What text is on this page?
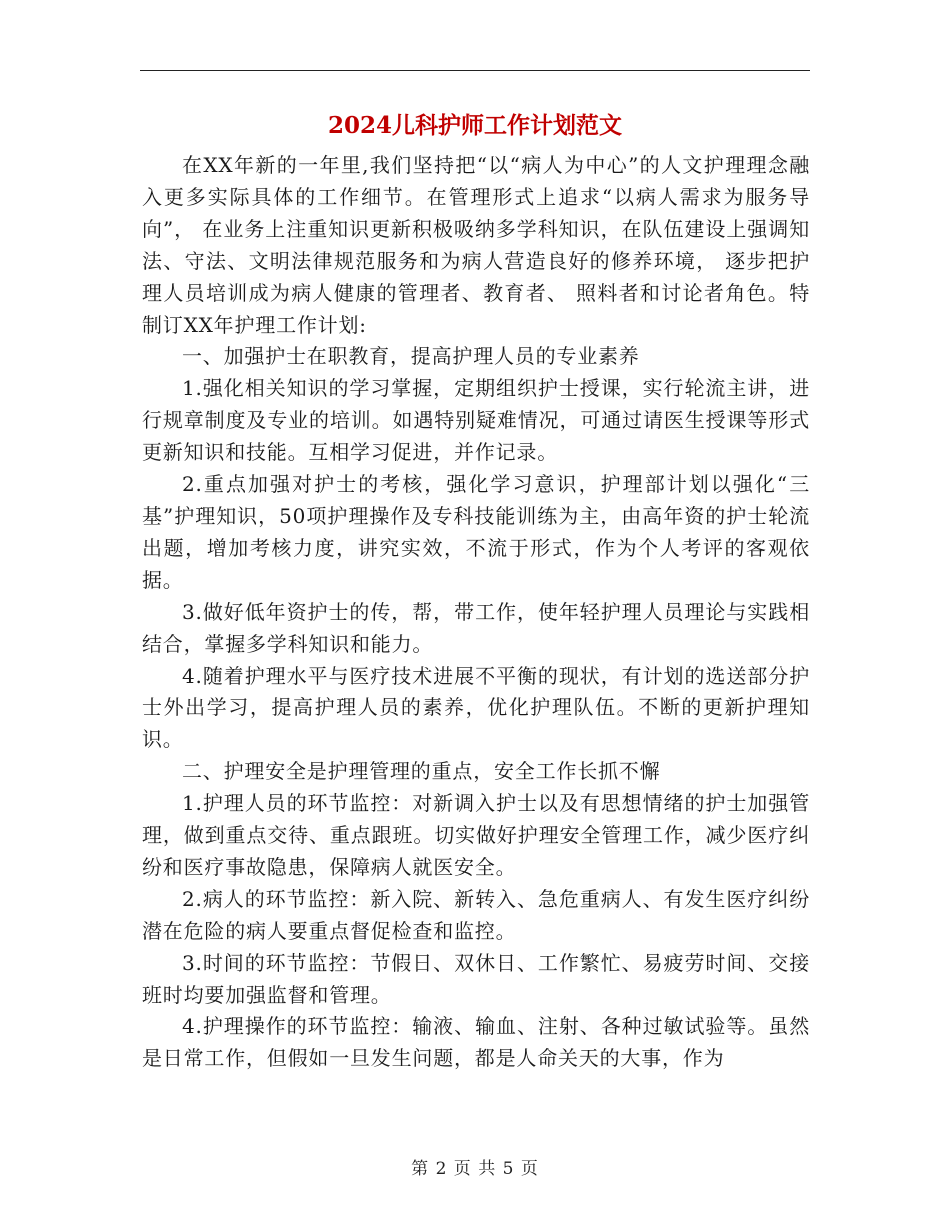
2024儿科护师工作计划范文

在XX年新的一年里,我们坚持把“以“病人为中心”的人文护理理念融入更多实际具体的工作细节。在管理形式上追求“以病人需求为服务导向”， 在业务上注重知识更新积极吸纳多学科知识，在队伍建设上强调知法、守法、文明法律规范服务和为病人营造良好的修养环境， 逐步把护理人员培训成为病人健康的管理者、教育者、 照料者和讨论者角色。特制订XX年护理工作计划:

一、加强护士在职教育，提高护理人员的专业素养

1.强化相关知识的学习掌握，定期组织护士授课，实行轮流主讲，进行规章制度及专业的培训。如遇特别疑难情况，可通过请医生授课等形式更新知识和技能。互相学习促进，并作记录。

2.重点加强对护士的考核，强化学习意识，护理部计划以强化“三基”护理知识，50项护理操作及专科技能训练为主，由高年资的护士轮流出题，增加考核力度，讲究实效，不流于形式，作为个人考评的客观依据。

3.做好低年资护士的传，帮，带工作，使年轻护理人员理论与实践相结合，掌握多学科知识和能力。

4.随着护理水平与医疗技术进展不平衡的现状，有计划的选送部分护士外出学习，提高护理人员的素养，优化护理队伍。不断的更新护理知识。

二、护理安全是护理管理的重点，安全工作长抓不懈

1.护理人员的环节监控：对新调入护士以及有思想情绪的护士加强管理，做到重点交待、重点跟班。切实做好护理安全管理工作，减少医疗纠纷和医疗事故隐患，保障病人就医安全。

2.病人的环节监控：新入院、新转入、急危重病人、有发生医疗纠纷潜在危险的病人要重点督促检查和监控。

3.时间的环节监控：节假日、双休日、工作繁忙、易疲劳时间、交接班时均要加强监督和管理。

4.护理操作的环节监控：输液、输血、注射、各种过敏试验等。虽然是日常工作，但假如一旦发生问题，都是人命关天的大事，作为

第 2 页 共 5 页
